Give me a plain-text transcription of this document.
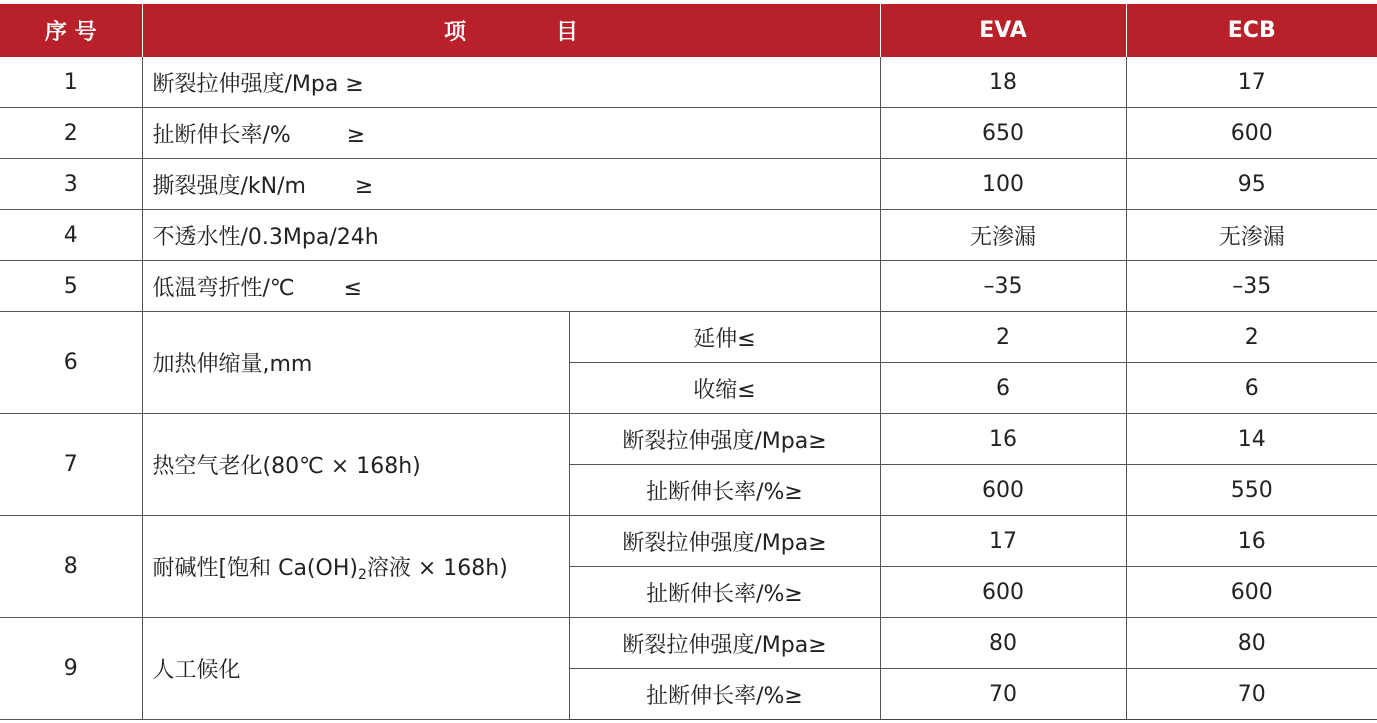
序 号	项 目		EVA	ECB
1	断裂拉伸强度/Mpa ≥		18	17
2	扯断伸长率/%        ≥		650	600
3	撕裂强度/kN/m       ≥		100	95
4	不透水性/0.3Mpa/24h		无渗漏	无渗漏
5	低温弯折性/℃       ≤		–35	–35
6	加热伸缩量,mm	延伸≤	2	2
		收缩≤	6	6
7	热空气老化(80℃ × 168h)	断裂拉伸强度/Mpa≥	16	14
		扯断伸长率/%≥	600	550
8	耐碱性[饱和 $Ca(OH)_2$溶液 × 168h)	断裂拉伸强度/Mpa≥	17	16
		扯断伸长率/%≥	600	600
9	人工候化	断裂拉伸强度/Mpa≥	80	80
		扯断伸长率/%≥	70	70
